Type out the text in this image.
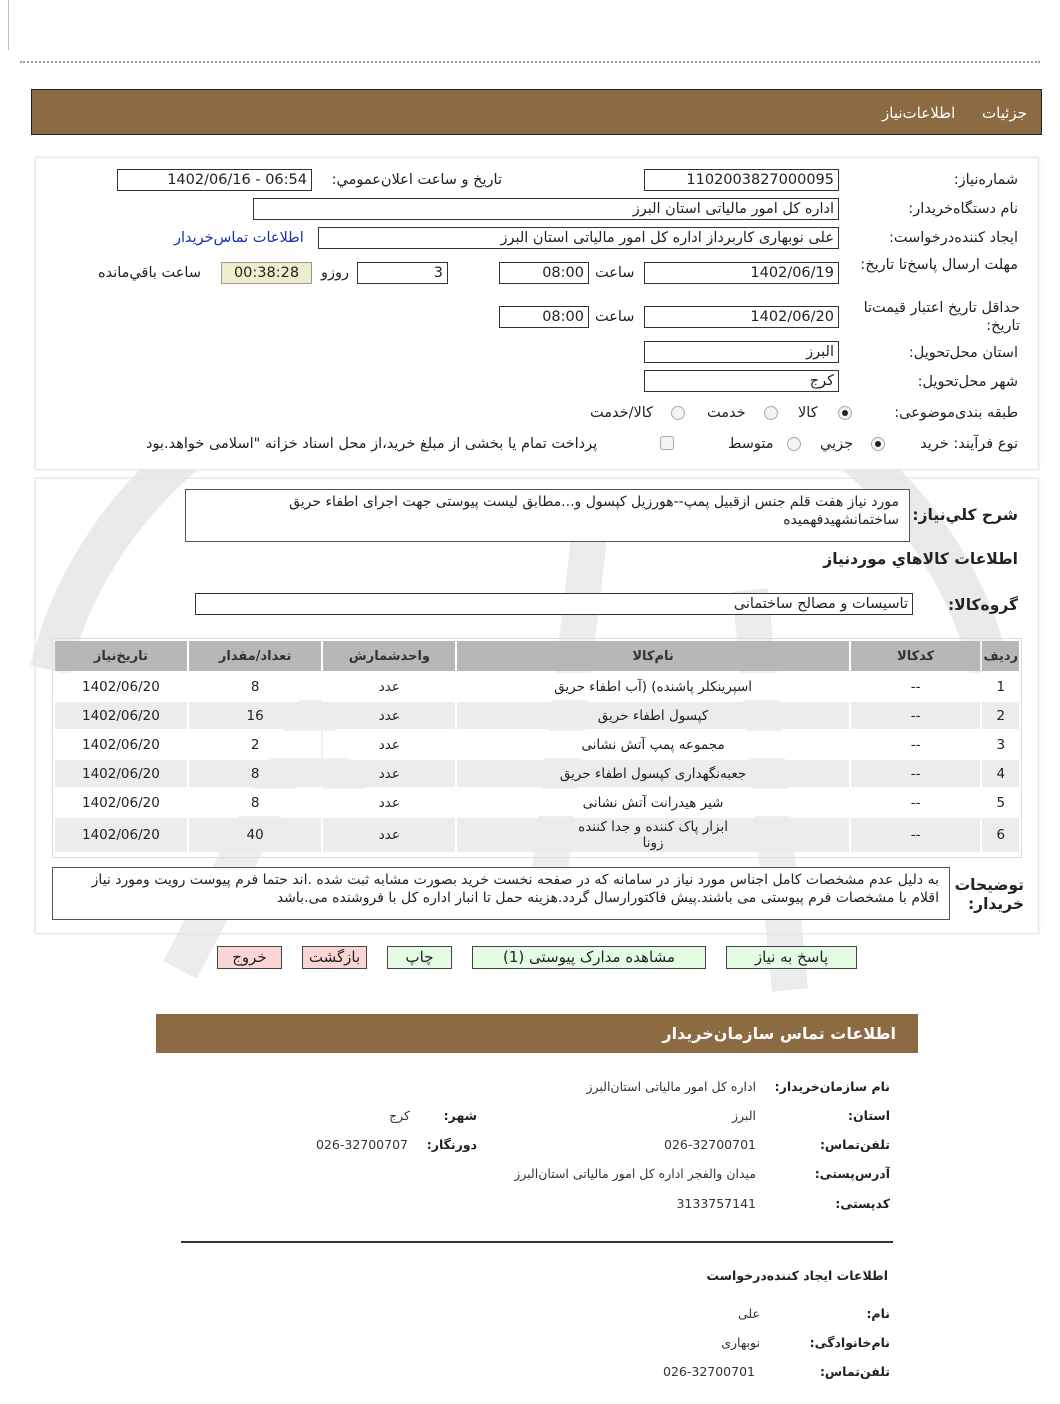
جزئیات اطلاعات‌نیاز
شماره‌نیاز:
1102003827000095
تاریخ و ساعت اعلان‌عمومي:
1402/06/16 - 06:54
نام دستگاه‌خریدار:
اداره کل امور مالیاتی استان البرز
ایجاد کننده‌درخواست:
علی نوبهاری کاربرداز اداره کل امور مالیاتی استان البرز
اطلاعات تماس‌خریدار
مهلت ارسال پاسخ‌تا تاریخ:
1402/06/19
ساعت
08:00
3
روزو
00:38:28
ساعت باقي‌مانده
حداقل تاریخ اعتبار قیمت‌تا تاریخ:
1402/06/20
ساعت
08:00
استان محل‌تحویل:
البرز
شهر محل‌تحویل:
کرج
طبقه بندی‌موضوعی:
کالا
خدمت
کالا/خدمت
نوع فرآیند: خرید
جزيي
متوسط
پرداخت تمام یا بخشی از مبلغ خرید،از محل اسناد خزانه "اسلامی خواهد.بود
شرح كلي‌نياز:
مورد نیاز هفت قلم جنس ازقبیل پمپ--هورزیل کپسول و...مطابق لیست پیوستی جهت اجرای اطفاء حریق ساختمانشهیدفهمیده
اطلاعات كالاهاي موردنياز
گروه‌کالا:
تاسیسات و مصالح ساختمانی
ردیف	کدکالا	نام‌کالا	واحدشمارش	تعداد/مقدار	تاریخ‌نیاز
1	--	اسپرینکلر پاشنده) (آب اطفاء حریق	عدد	8	1402/06/20
2	--	کپسول اطفاء حریق	عدد	16	1402/06/20
3	--	مجموعه پمپ آتش نشانی	عدد	2	1402/06/20
4	--	جعبه‌نگهداری کپسول اطفاء حریق	عدد	8	1402/06/20
5	--	شیر هیدرانت آتش نشانی	عدد	8	1402/06/20
6	--	ابزار پاک کننده و جدا کننده زونا	عدد	40	1402/06/20
توضیحات خریدار:
به دلیل عدم مشخصات کامل اجناس مورد نیاز در سامانه که در صفحه نخست خرید بصورت مشابه ثبت شده .اند حتما فرم پیوست رویت ومورد نیاز اقلام با مشخصات فرم پیوستی می باشند.پیش فاکتورارسال گردد.هزینه حمل تا انبار اداره کل با فروشنده می.باشد
پاسخ به نیاز
مشاهده مدارک پیوستی (1)
چاپ
بازگشت
خروج
اطلاعات تماس سازمان‌خریدار
نام سازمان‌خریدار:
اداره کل امور مالیاتی استان‌البرز
استان:
البرز
شهر:
کرج
تلفن‌تماس:
026-32700701
دورنگار:
026-32700707
آدرس‌پستی:
میدان والفجر اداره کل امور مالیاتی استان‌البرز
کدپستی:
3133757141
اطلاعات ایجاد کننده‌درخواست
نام:
علی
نام‌خانوادگی:
نوبهاری
تلفن‌تماس:
026-32700701
